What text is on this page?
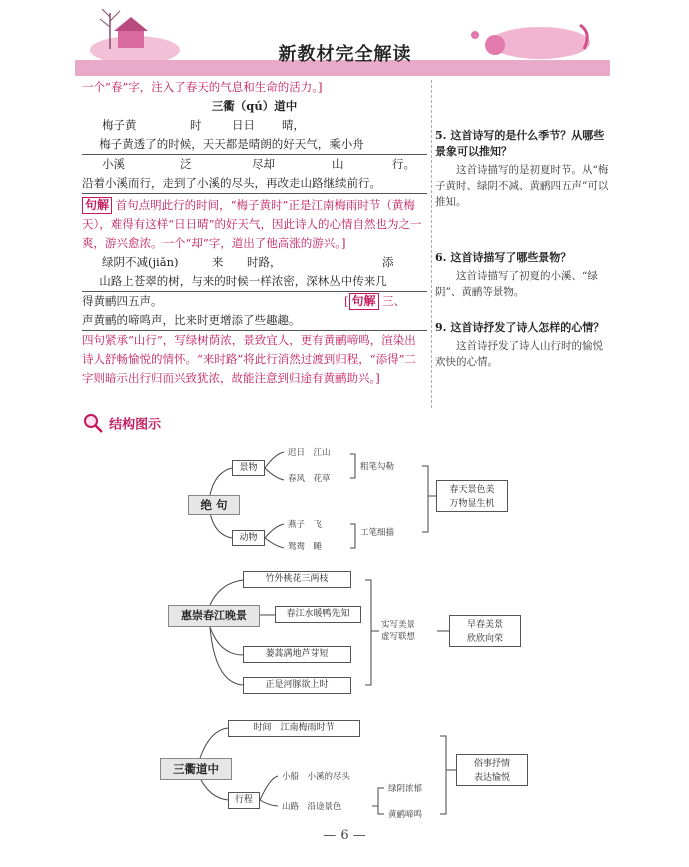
新教材完全解读
一个“春”字，注入了春天的气息和生命的活力。]
三衢（qú）道中
梅子黄	时	日日 晴，
梅子黄透了的时候，天天都是晴朗的好天气，乘小舟
小溪	泛	尽却	山	行。
沿着小溪而行，走到了小溪的尽头，再改走山路继续前行。
句解 首句点明此行的时间，“梅子黄时”正是江南梅雨时节（黄梅天），难得有这样“日日晴”的好天气，因此诗人的心情自然也为之一爽，游兴愈浓。一个“却”字，道出了他高涨的游兴。]
绿阴不减(jiǎn)	来 时路，	添
山路上苍翠的树，与来的时候一样浓密，深林丛中传来几
得黄鹂四五声。	[ 句解 三、
声黄鹂的啼鸣声，比来时更增添了些趣趣。
四句紧承“山行”，写绿树荫浓，景致宜人，更有黄鹂啼鸣，渲染出诗人舒畅愉悦的情怀。“来时路”将此行消然过渡到归程，“添得”二字则暗示出行归而兴致犹浓，故能注意到归途有黄鹂助兴。]
5. 这首诗写的是什么季节？从哪些景象可以推知？
这首诗描写的是初夏时节。从“梅子黄时、绿阴不减、黄鹂四五声”可以推知。
6. 这首诗描写了哪些景物？
这首诗描写了初夏的小溪、“绿阴”、黄鹂等景物。
9. 这首诗抒发了诗人怎样的心情？
这首诗抒发了诗人山行时的愉悦欢快的心情。
结构图示
绝 句
景物
迟日　江山
春风　花草
粗笔勾勒
动物
燕子　飞
鸳鸯　睡
工笔细描
春天景色美
万物显生机
惠崇春江晚景
竹外桃花三两枝
春江水暖鸭先知
蒌蒿满地芦芽短
正是河豚欲上时
实写美景
虚写联想
早春美景
欣欣向荣
三衢道中
时间　江南梅雨时节
行程
小船　小溪的尽头
山路　沿途景色
绿阴浓郁
黄鹂啼鸣
俗事抒情
表达愉悦
— 6 —
